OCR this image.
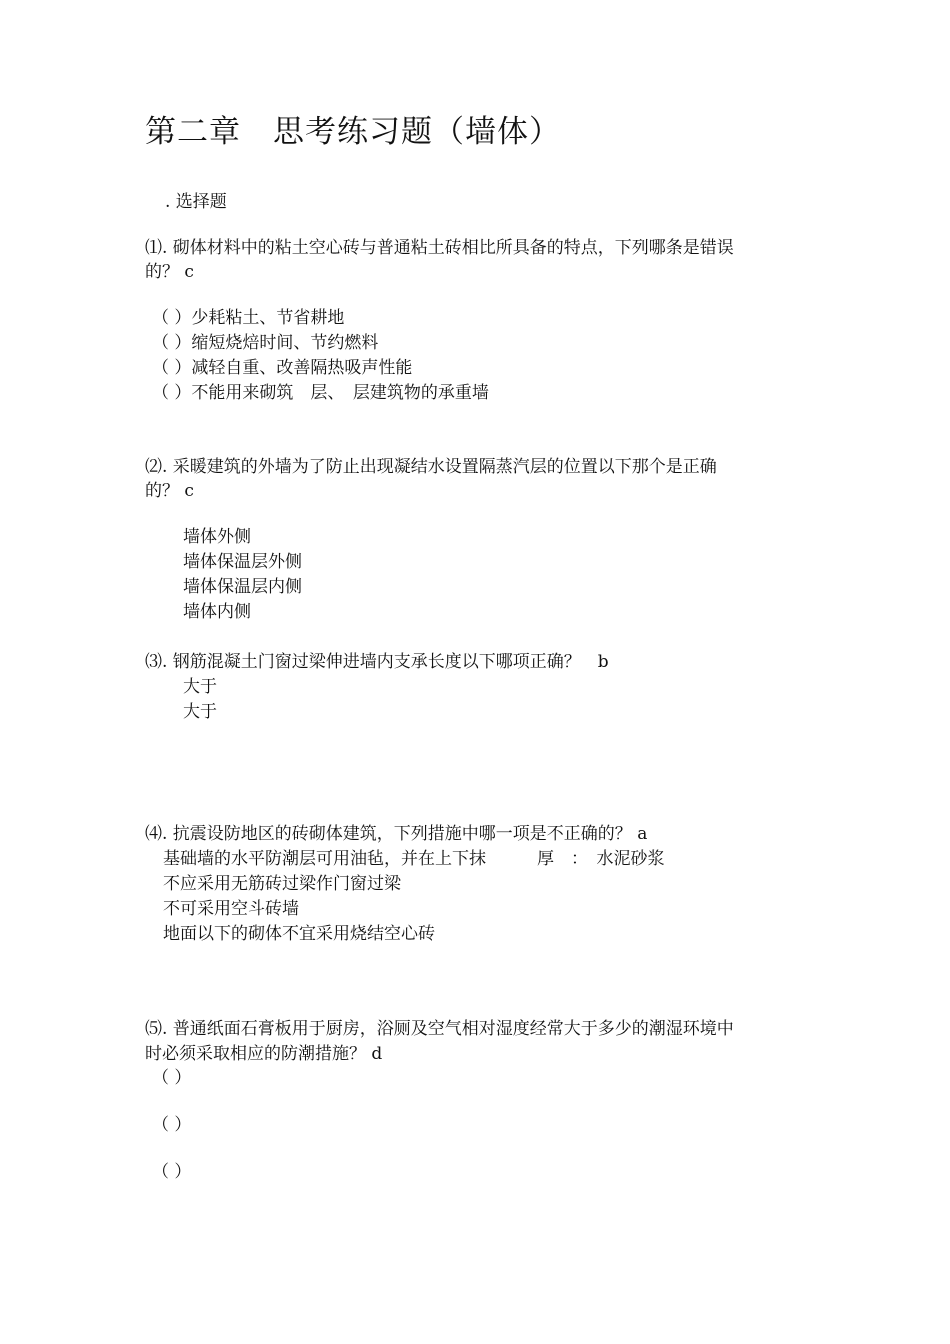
第二章　思考练习题（墙体）
. 选择题
⑴. 砌体材料中的粘土空心砖与普通粘土砖相比所具备的特点，下列哪条是错误
的？ c
（ ）少耗粘土、节省耕地
（ ）缩短烧焙时间、节约燃料
（ ）减轻自重、改善隔热吸声性能
（ ）不能用来砌筑　层、　层建筑物的承重墙
⑵. 采暖建筑的外墙为了防止出现凝结水设置隔蒸汽层的位置以下那个是正确
的？ c
墙体外侧
墙体保温层外侧
墙体保温层内侧
墙体内侧
⑶. 钢筋混凝土门窗过梁伸进墙内支承长度以下哪项正确？　b
大于
大于
⑷. 抗震设防地区的砖砌体建筑，下列措施中哪一项是不正确的？ a
基础墙的水平防潮层可用油毡，并在上下抹　　　厚　：　水泥砂浆
不应采用无筋砖过梁作门窗过梁
不可采用空斗砖墙
地面以下的砌体不宜采用烧结空心砖
⑸. 普通纸面石膏板用于厨房，浴厕及空气相对湿度经常大于多少的潮湿环境中
时必须采取相应的防潮措施？ d
（ ）
（ ）
（ ）
